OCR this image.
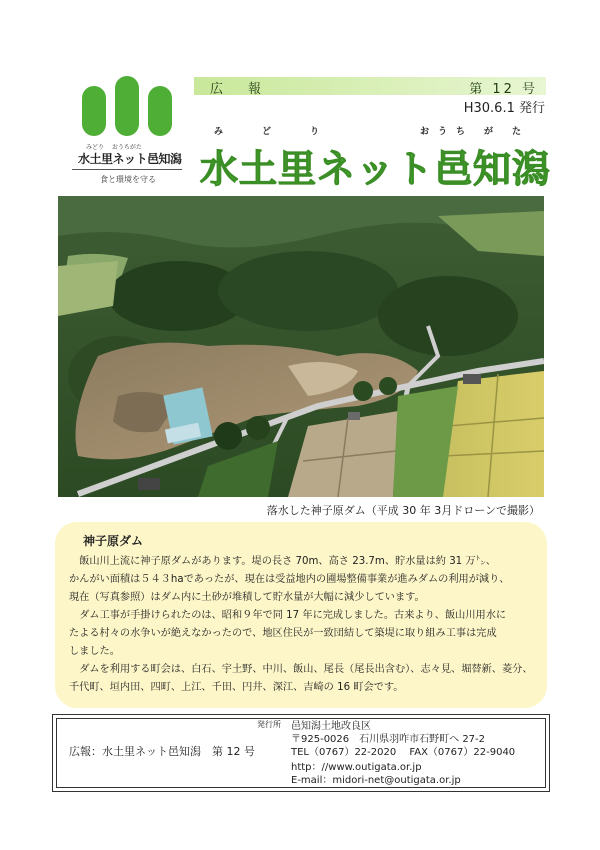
みどり　 おうちがた
水土里ネット邑知潟
食と環境を守る
広　報	第 12 号
H30.6.1 発行
み	ど	り	お う ち が た
水土里ネット邑知潟
落水した神子原ダム（平成 30 年 3月ドローンで撮影）
神子原ダム
飯山川上流に神子原ダムがあります。堤の長さ 70m、高さ 23.7m、貯水量は約 31 万㌧、
かんがい面積は５４３haであったが、現在は受益地内の圃場整備事業が進みダムの利用が減り、
現在（写真参照）はダム内に土砂が堆積して貯水量が大幅に減少しています。
ダム工事が手掛けられたのは、昭和９年で同 17 年に完成しました。古来より、飯山川用水に
たよる村々の水争いが絶えなかったので、地区住民が一致団結して築堤に取り組み工事は完成
しました。
ダムを利用する町会は、白石、宇土野、中川、飯山、尾長（尾長出含む）、志々見、堀替新、菱分、
千代町、垣内田、四町、上江、千田、円井、深江、吉崎の 16 町会です。
広報：水土里ネット邑知潟　第 12 号
発行所 邑知潟土地改良区
〒925-0026　石川県羽咋市石野町へ 27-2
TEL（0767）22-2020　 FAX（0767）22-9040
http：//www.outigata.or.jp
E-mail：midori-net@outigata.or.jp
